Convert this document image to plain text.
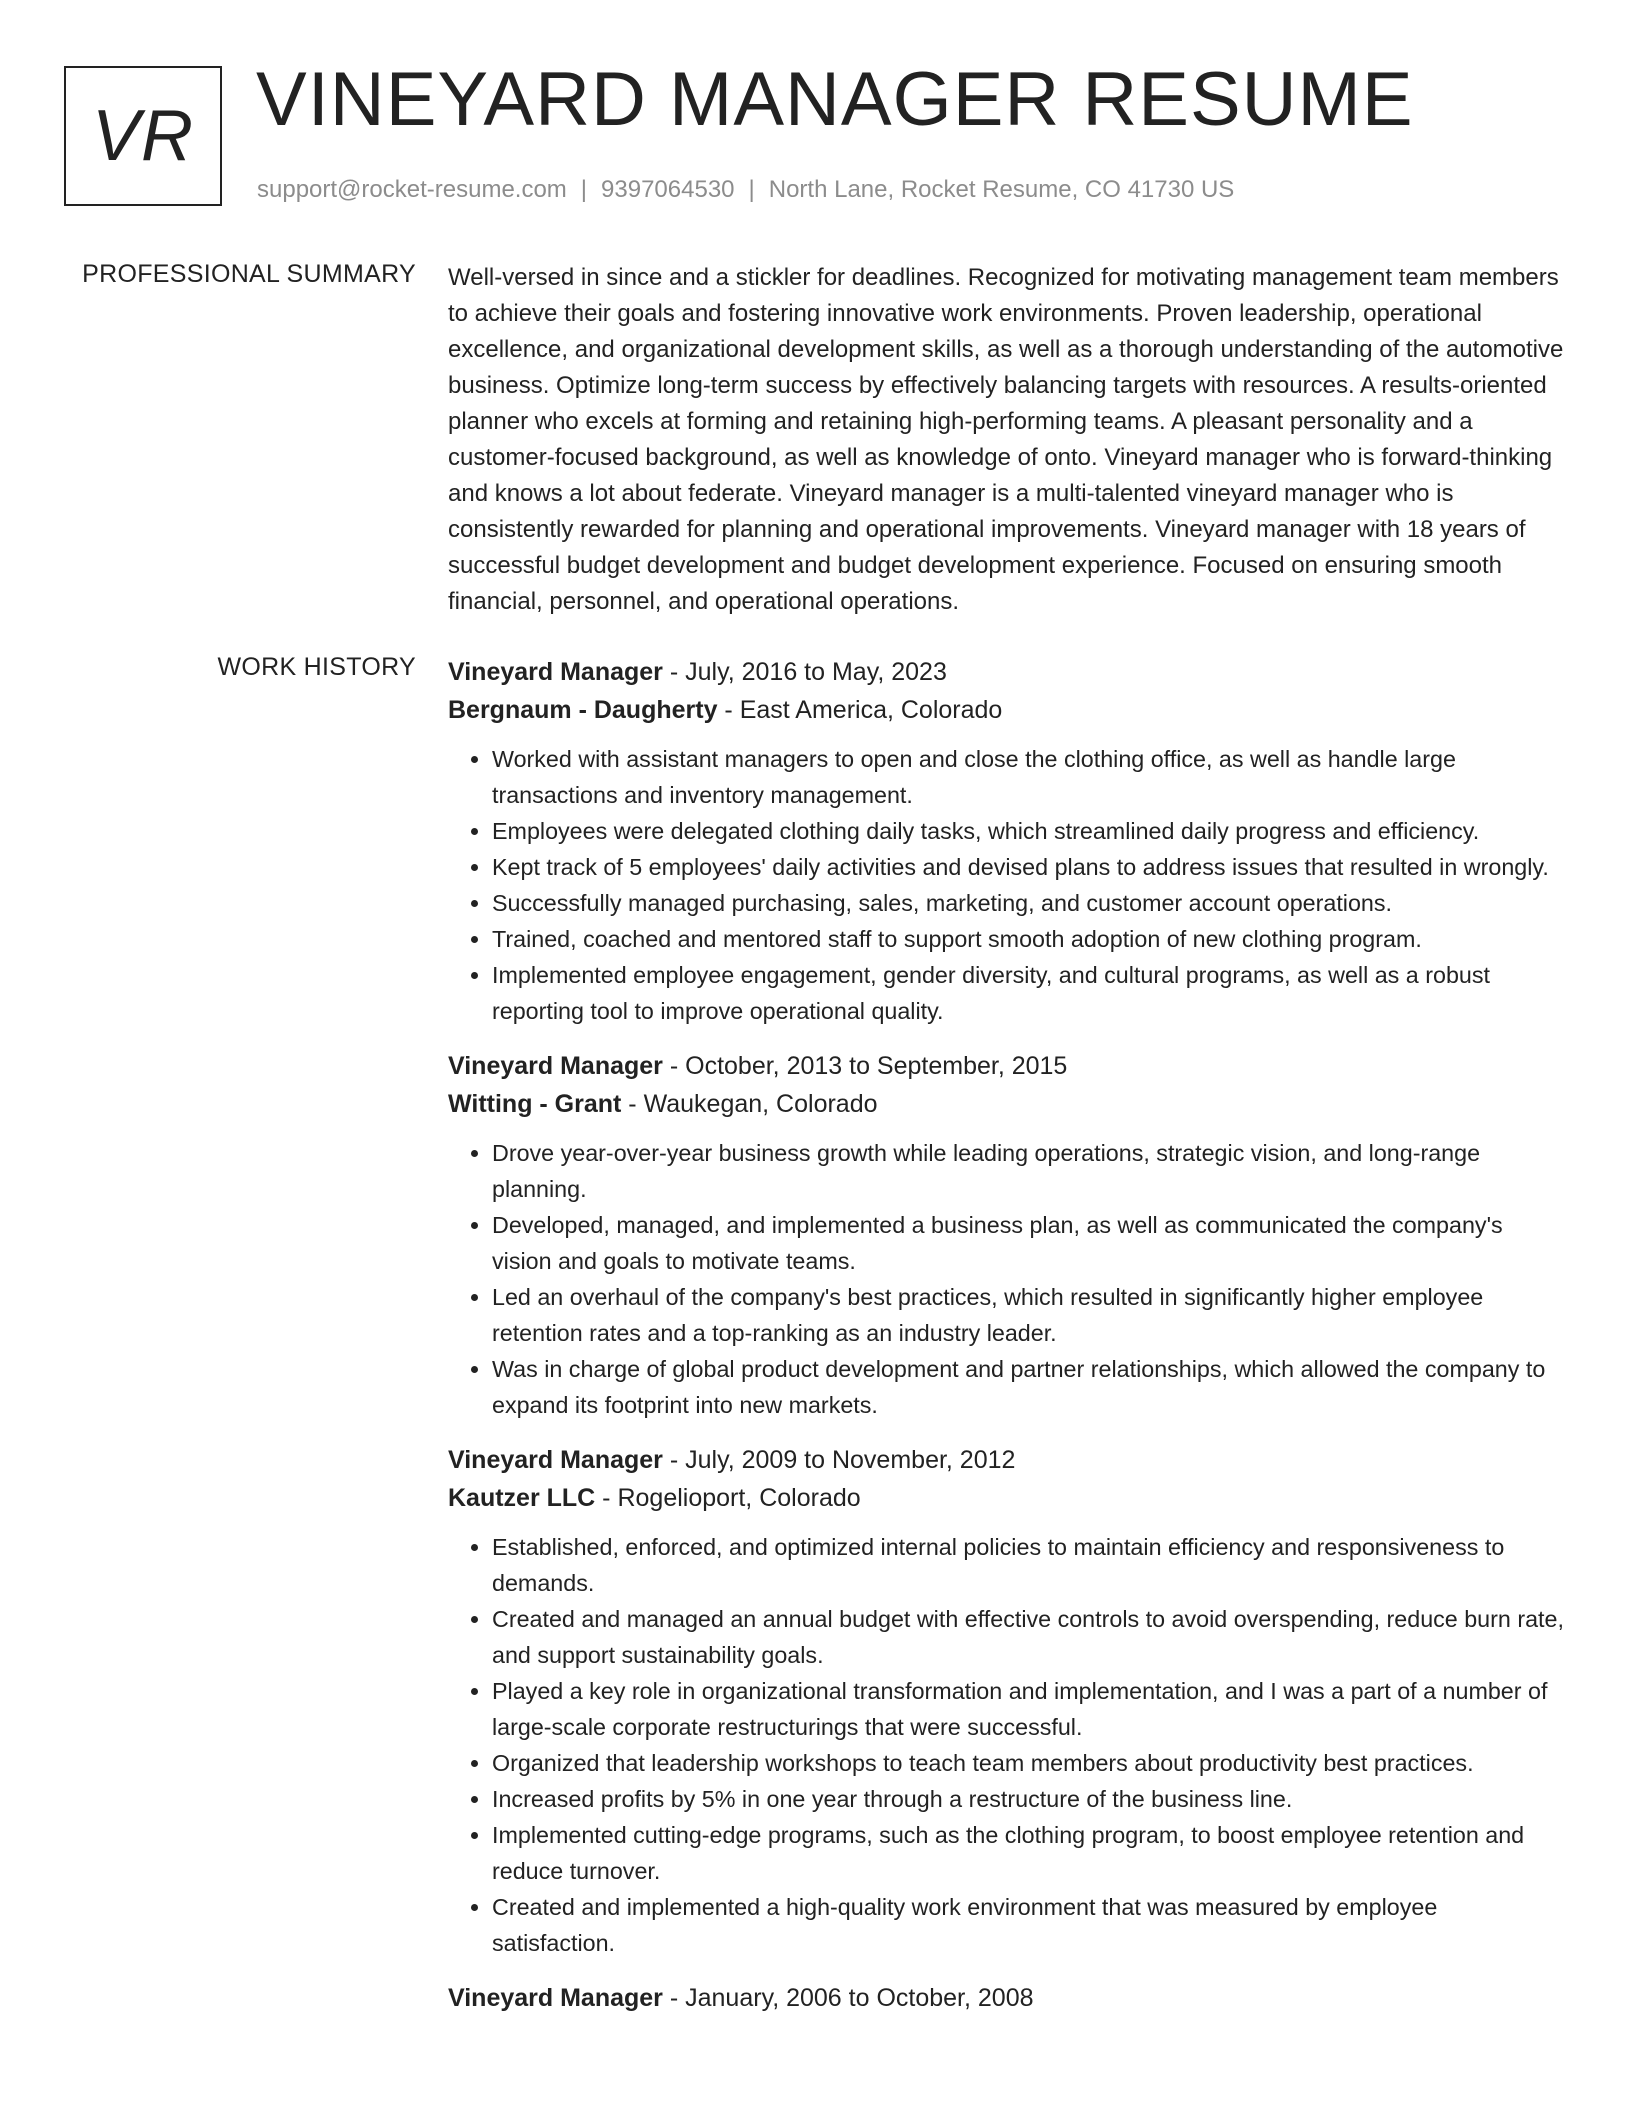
VR VINEYARD MANAGER RESUME
support@rocket-resume.com | 9397064530 | North Lane, Rocket Resume, CO 41730 US
PROFESSIONAL SUMMARY Well-versed in since and a stickler for deadlines. Recognized for motivating management team members to achieve their goals and fostering innovative work environments. Proven leadership, operational excellence, and organizational development skills, as well as a thorough understanding of the automotive business. Optimize long-term success by effectively balancing targets with resources. A results-oriented planner who excels at forming and retaining high-performing teams. A pleasant personality and a customer-focused background, as well as knowledge of onto. Vineyard manager who is forward-thinking and knows a lot about federate. Vineyard manager is a multi-talented vineyard manager who is consistently rewarded for planning and operational improvements. Vineyard manager with 18 years of successful budget development and budget development experience. Focused on ensuring smooth financial, personnel, and operational operations.

WORK HISTORY Vineyard Manager - July, 2016 to May, 2023
Bergnaum - Daugherty - East America, Colorado
• Worked with assistant managers to open and close the clothing office, as well as handle large transactions and inventory management.
• Employees were delegated clothing daily tasks, which streamlined daily progress and efficiency.
• Kept track of 5 employees' daily activities and devised plans to address issues that resulted in wrongly.
• Successfully managed purchasing, sales, marketing, and customer account operations.
• Trained, coached and mentored staff to support smooth adoption of new clothing program.
• Implemented employee engagement, gender diversity, and cultural programs, as well as a robust reporting tool to improve operational quality.
Vineyard Manager - October, 2013 to September, 2015
Witting - Grant - Waukegan, Colorado
• Drove year-over-year business growth while leading operations, strategic vision, and long-range planning.
• Developed, managed, and implemented a business plan, as well as communicated the company's vision and goals to motivate teams.
• Led an overhaul of the company's best practices, which resulted in significantly higher employee retention rates and a top-ranking as an industry leader.
• Was in charge of global product development and partner relationships, which allowed the company to expand its footprint into new markets.
Vineyard Manager - July, 2009 to November, 2012
Kautzer LLC - Rogelioport, Colorado
• Established, enforced, and optimized internal policies to maintain efficiency and responsiveness to demands.
• Created and managed an annual budget with effective controls to avoid overspending, reduce burn rate, and support sustainability goals.
• Played a key role in organizational transformation and implementation, and I was a part of a number of large-scale corporate restructurings that were successful.
• Organized that leadership workshops to teach team members about productivity best practices.
• Increased profits by 5% in one year through a restructure of the business line.
• Implemented cutting-edge programs, such as the clothing program, to boost employee retention and reduce turnover.
• Created and implemented a high-quality work environment that was measured by employee satisfaction.
Vineyard Manager - January, 2006 to October, 2008
